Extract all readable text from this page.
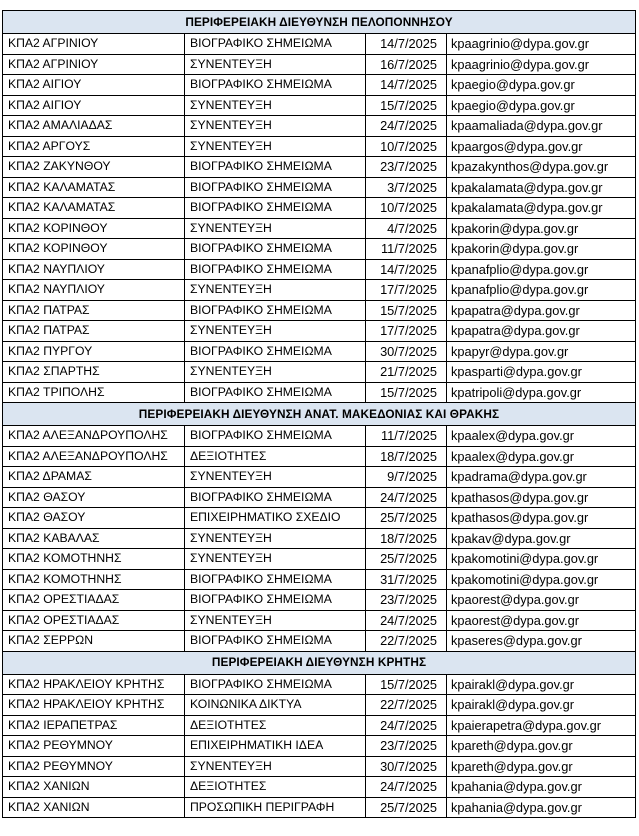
ΠΕΡΙΦΕΡΕΙΑΚΗ ΔΙΕΥΘΥΝΣΗ ΠΕΛΟΠΟΝΝΗΣΟΥ			
ΚΠΑ2 ΑΓΡΙΝΙΟΥ	ΒΙΟΓΡΑΦΙΚΟ ΣΗΜΕΙΩΜΑ	14/7/2025	kpaagrinio@dypa.gov.gr
ΚΠΑ2 ΑΓΡΙΝΙΟΥ	ΣΥΝΕΝΤΕΥΞΗ	16/7/2025	kpaagrinio@dypa.gov.gr
ΚΠΑ2 ΑΙΓΙΟΥ	ΒΙΟΓΡΑΦΙΚΟ ΣΗΜΕΙΩΜΑ	14/7/2025	kpaegio@dypa.gov.gr
ΚΠΑ2 ΑΙΓΙΟΥ	ΣΥΝΕΝΤΕΥΞΗ	15/7/2025	kpaegio@dypa.gov.gr
ΚΠΑ2 ΑΜΑΛΙΑΔΑΣ	ΣΥΝΕΝΤΕΥΞΗ	24/7/2025	kpaamaliada@dypa.gov.gr
ΚΠΑ2 ΑΡΓΟΥΣ	ΣΥΝΕΝΤΕΥΞΗ	10/7/2025	kpaargos@dypa.gov.gr
ΚΠΑ2 ΖΑΚΥΝΘΟΥ	ΒΙΟΓΡΑΦΙΚΟ ΣΗΜΕΙΩΜΑ	23/7/2025	kpazakynthos@dypa.gov.gr
ΚΠΑ2 ΚΑΛΑΜΑΤΑΣ	ΒΙΟΓΡΑΦΙΚΟ ΣΗΜΕΙΩΜΑ	3/7/2025	kpakalamata@dypa.gov.gr
ΚΠΑ2 ΚΑΛΑΜΑΤΑΣ	ΒΙΟΓΡΑΦΙΚΟ ΣΗΜΕΙΩΜΑ	10/7/2025	kpakalamata@dypa.gov.gr
ΚΠΑ2 ΚΟΡΙΝΘΟΥ	ΣΥΝΕΝΤΕΥΞΗ	4/7/2025	kpakorin@dypa.gov.gr
ΚΠΑ2 ΚΟΡΙΝΘΟΥ	ΒΙΟΓΡΑΦΙΚΟ ΣΗΜΕΙΩΜΑ	11/7/2025	kpakorin@dypa.gov.gr
ΚΠΑ2 ΝΑΥΠΛΙΟΥ	ΒΙΟΓΡΑΦΙΚΟ ΣΗΜΕΙΩΜΑ	14/7/2025	kpanafplio@dypa.gov.gr
ΚΠΑ2 ΝΑΥΠΛΙΟΥ	ΣΥΝΕΝΤΕΥΞΗ	17/7/2025	kpanafplio@dypa.gov.gr
ΚΠΑ2 ΠΑΤΡΑΣ	ΒΙΟΓΡΑΦΙΚΟ ΣΗΜΕΙΩΜΑ	15/7/2025	kpapatra@dypa.gov.gr
ΚΠΑ2 ΠΑΤΡΑΣ	ΣΥΝΕΝΤΕΥΞΗ	17/7/2025	kpapatra@dypa.gov.gr
ΚΠΑ2 ΠΥΡΓΟΥ	ΒΙΟΓΡΑΦΙΚΟ ΣΗΜΕΙΩΜΑ	30/7/2025	kpapyr@dypa.gov.gr
ΚΠΑ2 ΣΠΑΡΤΗΣ	ΣΥΝΕΝΤΕΥΞΗ	21/7/2025	kpasparti@dypa.gov.gr
ΚΠΑ2 ΤΡΙΠΟΛΗΣ	ΒΙΟΓΡΑΦΙΚΟ ΣΗΜΕΙΩΜΑ	15/7/2025	kpatripoli@dypa.gov.gr
ΠΕΡΙΦΕΡΕΙΑΚΗ ΔΙΕΥΘΥΝΣΗ ΑΝΑΤ. ΜΑΚΕΔΟΝΙΑΣ ΚΑΙ ΘΡΑΚΗΣ			
ΚΠΑ2 ΑΛΕΞΑΝΔΡΟΥΠΟΛΗΣ	ΒΙΟΓΡΑΦΙΚΟ ΣΗΜΕΙΩΜΑ	11/7/2025	kpaalex@dypa.gov.gr
ΚΠΑ2 ΑΛΕΞΑΝΔΡΟΥΠΟΛΗΣ	ΔΕΞΙΟΤΗΤΕΣ	18/7/2025	kpaalex@dypa.gov.gr
ΚΠΑ2 ΔΡΑΜΑΣ	ΣΥΝΕΝΤΕΥΞΗ	9/7/2025	kpadrama@dypa.gov.gr
ΚΠΑ2 ΘΑΣΟΥ	ΒΙΟΓΡΑΦΙΚΟ ΣΗΜΕΙΩΜΑ	24/7/2025	kpathasos@dypa.gov.gr
ΚΠΑ2 ΘΑΣΟΥ	ΕΠΙΧΕΙΡΗΜΑΤΙΚΟ ΣΧΕΔΙΟ	25/7/2025	kpathasos@dypa.gov.gr
ΚΠΑ2 ΚΑΒΑΛΑΣ	ΣΥΝΕΝΤΕΥΞΗ	18/7/2025	kpakav@dypa.gov.gr
ΚΠΑ2 ΚΟΜΟΤΗΝΗΣ	ΣΥΝΕΝΤΕΥΞΗ	25/7/2025	kpakomotini@dypa.gov.gr
ΚΠΑ2 ΚΟΜΟΤΗΝΗΣ	ΒΙΟΓΡΑΦΙΚΟ ΣΗΜΕΙΩΜΑ	31/7/2025	kpakomotini@dypa.gov.gr
ΚΠΑ2 ΟΡΕΣΤΙΑΔΑΣ	ΒΙΟΓΡΑΦΙΚΟ ΣΗΜΕΙΩΜΑ	23/7/2025	kpaorest@dypa.gov.gr
ΚΠΑ2 ΟΡΕΣΤΙΑΔΑΣ	ΣΥΝΕΝΤΕΥΞΗ	24/7/2025	kpaorest@dypa.gov.gr
ΚΠΑ2 ΣΕΡΡΩΝ	ΒΙΟΓΡΑΦΙΚΟ ΣΗΜΕΙΩΜΑ	22/7/2025	kpaseres@dypa.gov.gr
ΠΕΡΙΦΕΡΕΙΑΚΗ ΔΙΕΥΘΥΝΣΗ ΚΡΗΤΗΣ			
ΚΠΑ2 ΗΡΑΚΛΕΙΟΥ ΚΡΗΤΗΣ	ΒΙΟΓΡΑΦΙΚΟ ΣΗΜΕΙΩΜΑ	15/7/2025	kpairakl@dypa.gov.gr
ΚΠΑ2 ΗΡΑΚΛΕΙΟΥ ΚΡΗΤΗΣ	ΚΟΙΝΩΝΙΚΑ ΔΙΚΤΥΑ	22/7/2025	kpairakl@dypa.gov.gr
ΚΠΑ2 ΙΕΡΑΠΕΤΡΑΣ	ΔΕΞΙΟΤΗΤΕΣ	24/7/2025	kpaierapetra@dypa.gov.gr
ΚΠΑ2 ΡΕΘΥΜΝΟΥ	ΕΠΙΧΕΙΡΗΜΑΤΙΚΗ ΙΔΕΑ	23/7/2025	kpareth@dypa.gov.gr
ΚΠΑ2 ΡΕΘΥΜΝΟΥ	ΣΥΝΕΝΤΕΥΞΗ	30/7/2025	kpareth@dypa.gov.gr
ΚΠΑ2 ΧΑΝΙΩΝ	ΔΕΞΙΟΤΗΤΕΣ	24/7/2025	kpahania@dypa.gov.gr
ΚΠΑ2 ΧΑΝΙΩΝ	ΠΡΟΣΩΠΙΚΗ ΠΕΡΙΓΡΑΦΗ	25/7/2025	kpahania@dypa.gov.gr
